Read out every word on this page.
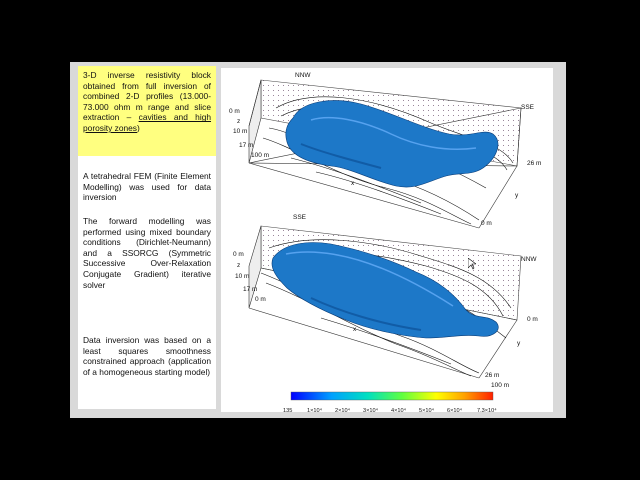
3-D inverse resistivity block obtained from full inversion of combined 2-D profiles (13.000-73.000 ohm m range and slice extraction – cavities and high porosity zones)
A tetrahedral FEM (Finite Element Modelling) was used for data inversion
The forward modelling was performed using mixed boundary conditions (Dirichlet-Neumann) and a SSORCG (Symmetric Successive Over-Relaxation Conjugate Gradient) iterative solver
Data inversion was based on a least squares smoothness constrained approach (application of a homogeneous starting model)
NNW
SSE
0 m
z
10 m
17 m
100 m
x
26 m
y
0 m
SSE
NNW
0 m
z
10 m
17 m
0 m
x
0 m
y
26 m
100 m
135	1×10⁴ 2×10⁴ 3×10⁴ 4×10⁴ 5×10⁴ 6×10⁴	7.3×10⁴
